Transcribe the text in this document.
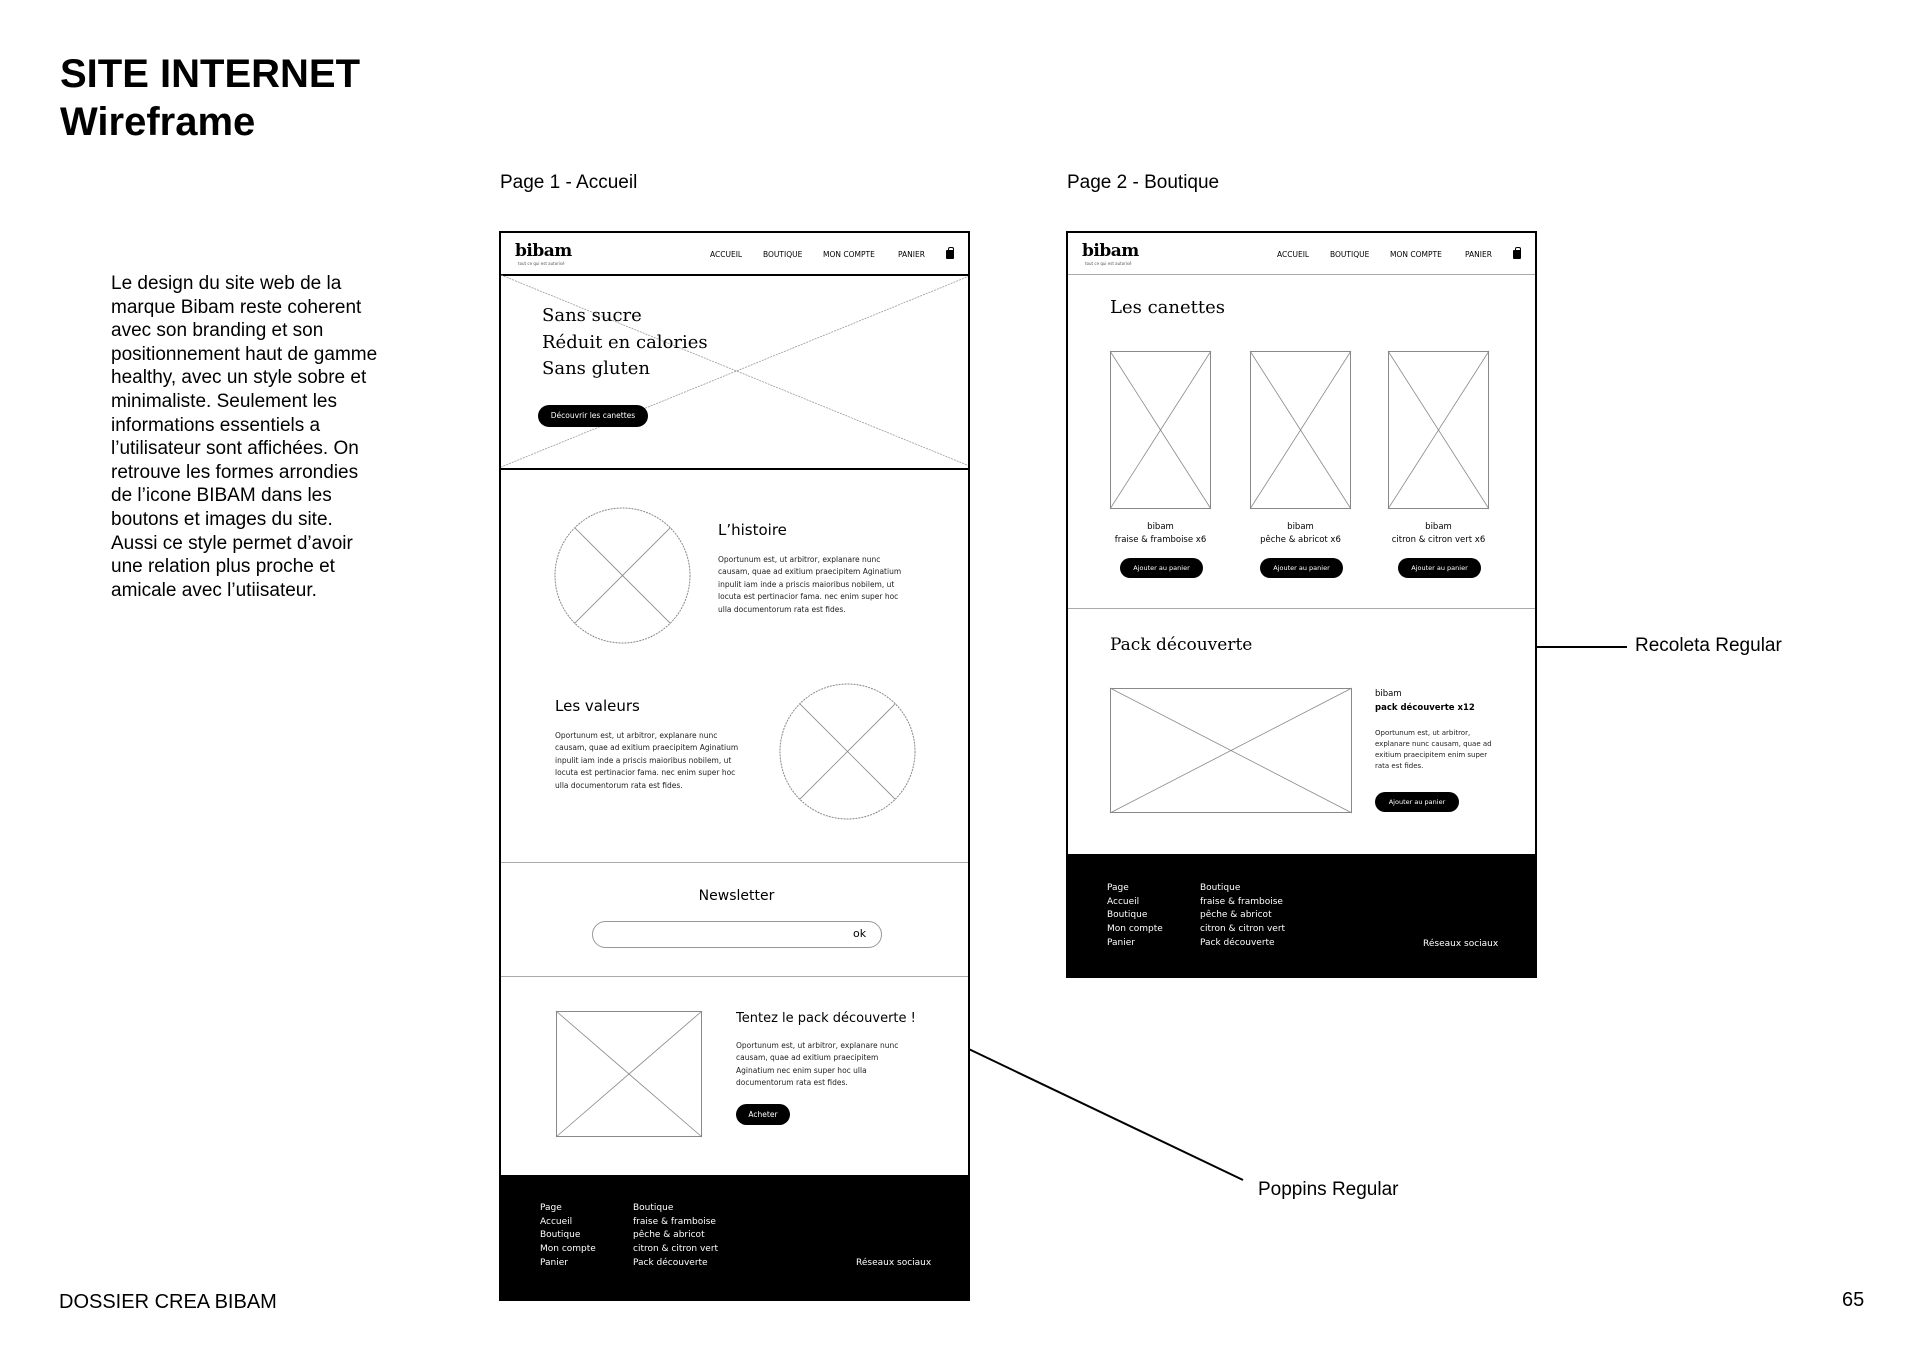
SITE INTERNET
Wireframe
Le design du site web de la marque Bibam reste coherent avec son branding et son positionnement haut de gamme healthy, avec un style sobre et minimaliste. Seulement les informations essentiels a l’utilisateur sont affichées. On retrouve les formes arrondies de l’icone BIBAM dans les boutons et images du site. Aussi ce style permet d’avoir une relation plus proche et amicale avec l’utiisateur.
Page 1 - Accueil	Page 2 - Boutique
DOSSIER CREA BIBAM	65
Recoleta Regular
Poppins Regular
bibam
tout ce qui est autorisé
ACCUEIL	BOUTIQUE	MON COMPTE	PANIER
Sans sucre
Réduit en calories
Sans gluten
Découvrir les canettes
L’histoire
Oportunum est, ut arbitror, explanare nunc causam, quae ad exitium praecipitem Aginatium inpulit iam inde a priscis maioribus nobilem, ut locuta est pertinacior fama. nec enim super hoc ulla documentorum rata est fides.
Les valeurs
Oportunum est, ut arbitror, explanare nunc causam, quae ad exitium praecipitem Aginatium inpulit iam inde a priscis maioribus nobilem, ut locuta est pertinacior fama. nec enim super hoc ulla documentorum rata est fides.
Newsletter
ok
Tentez le pack découverte !
Oportunum est, ut arbitror, explanare nunc causam, quae ad exitium praecipitem Aginatium nec enim super hoc ulla documentorum rata est fides.
Acheter
Page
Accueil
Boutique
Mon compte
Panier
Boutique
fraise & framboise
pêche & abricot
citron & citron vert
Pack découverte	Réseaux sociaux
bibam
tout ce qui est autorisé
ACCUEIL	BOUTIQUE	MON COMPTE	PANIER
Les canettes
bibam
fraise & framboise x6
Ajouter au panier
bibam
pêche & abricot x6
Ajouter au panier
bibam
citron & citron vert x6
Ajouter au panier
Pack découverte
bibam
pack découverte x12
Oportunum est, ut arbitror, explanare nunc causam, quae ad exitium praecipitem enim super rata est fides.
Ajouter au panier
Page
Accueil
Boutique
Mon compte
Panier
Boutique
fraise & framboise
pêche & abricot
citron & citron vert
Pack découverte	Réseaux sociaux
